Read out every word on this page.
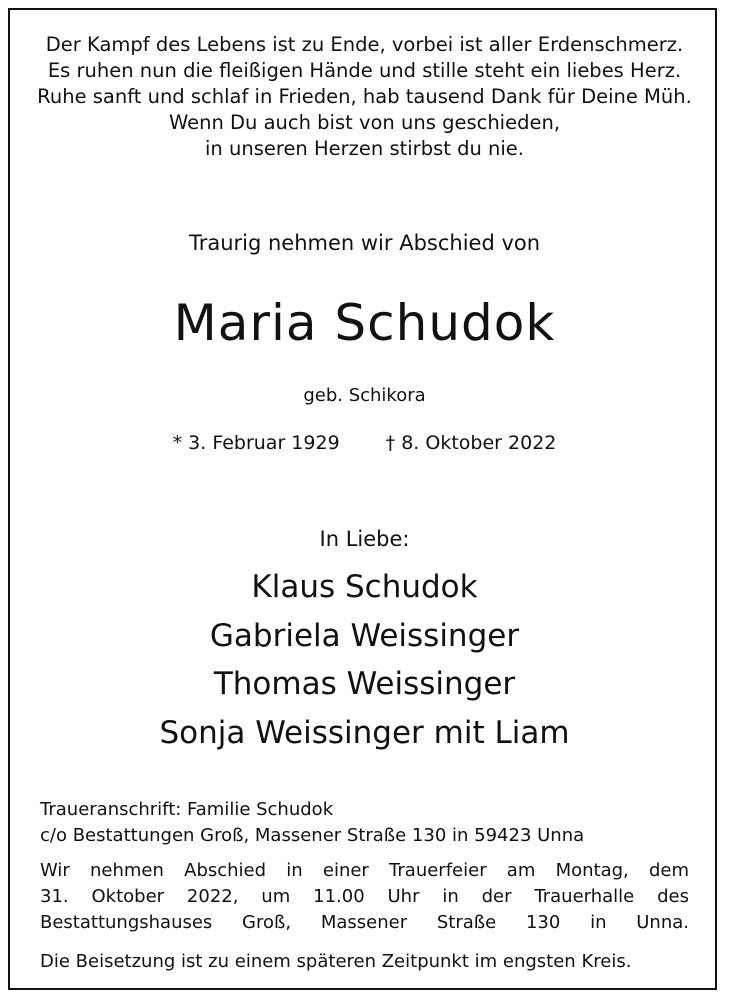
Der Kampf des Lebens ist zu Ende, vorbei ist aller Erdenschmerz.
Es ruhen nun die fleißigen Hände und stille steht ein liebes Herz.
Ruhe sanft und schlaf in Frieden, hab tausend Dank für Deine Müh.
Wenn Du auch bist von uns geschieden,
in unseren Herzen stirbst du nie.
Traurig nehmen wir Abschied von
Maria Schudok
geb. Schikora
* 3. Februar 1929 † 8. Oktober 2022
In Liebe:
Klaus Schudok
Gabriela Weissinger
Thomas Weissinger
Sonja Weissinger mit Liam
Traueranschrift: Familie Schudok
c/o Bestattungen Groß, Massener Straße 130 in 59423 Unna
Wir nehmen Abschied in einer Trauerfeier am Montag, dem
31. Oktober 2022, um 11.00 Uhr in der Trauerhalle des
Bestattungshauses Groß, Massener Straße 130 in Unna.
Die Beisetzung ist zu einem späteren Zeitpunkt im engsten Kreis.
